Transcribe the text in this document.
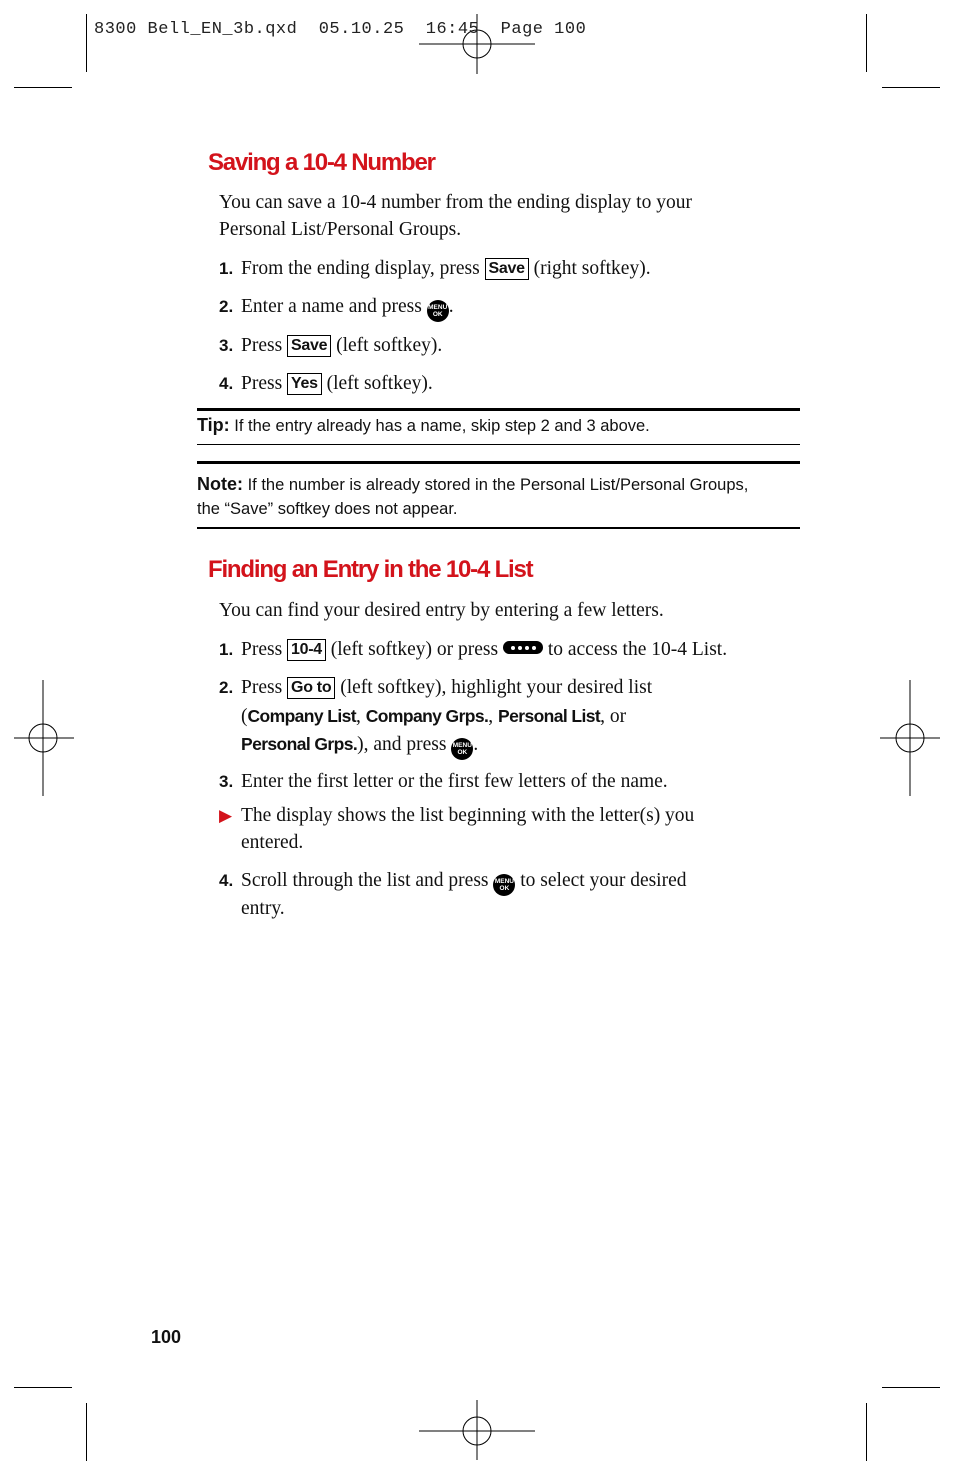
8300 Bell_EN_3b.qxd  05.10.25  16:45  Page 100
Saving a 10-4 Number
You can save a 10-4 number from the ending display to your
Personal List/Personal Groups.
1. From the ending display, press Save (right softkey).
2. Enter a name and press MENU
OK .
3. Press Save (left softkey).
4. Press Yes (left softkey).
Tip: If the entry already has a name, skip step 2 and 3 above.
Note: If the number is already stored in the Personal List/Personal Groups,
the “Save” softkey does not appear.
Finding an Entry in the 10-4 List
You can find your desired entry by entering a few letters.
1. Press 10-4 (left softkey) or press	to access the 10-4 List.
2. Press Go to (left softkey), highlight your desired list
(Company List, Company Grps., Personal List, or
Personal Grps.), and press MENU
OK .
3. Enter the first letter or the first few letters of the name.
▶ The display shows the list beginning with the letter(s) you
entered.
4. Scroll through the list and press MENU
OK to select your desired
entry.
100
